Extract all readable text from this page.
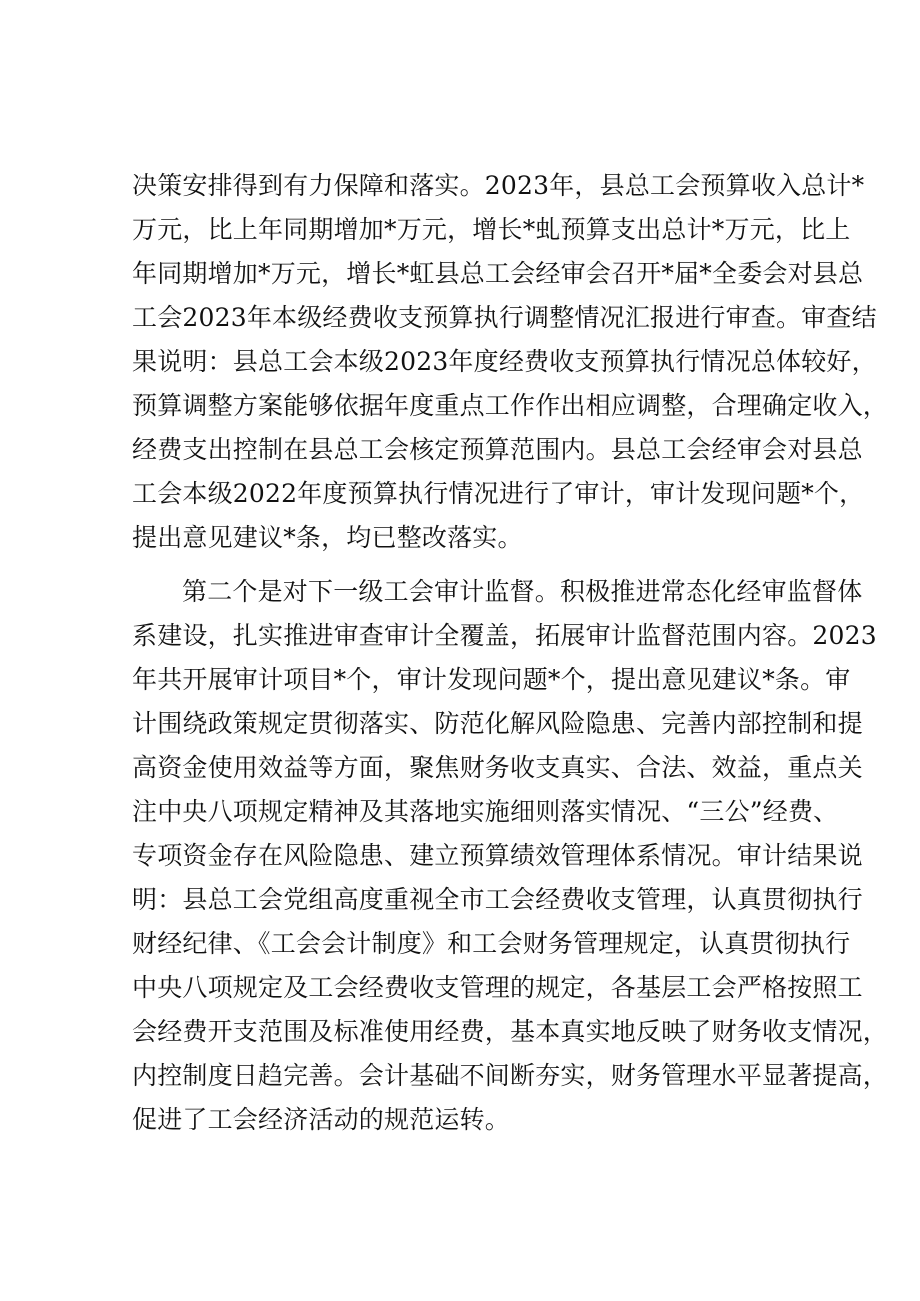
决策安排得到有力保障和落实。2023年，县总工会预算收入总计*
万元，比上年同期增加*万元，增长*虬预算支出总计*万元，比上
年同期增加*万元，增长*虹县总工会经审会召开*届*全委会对县总
工会2023年本级经费收支预算执行调整情况汇报进行审查。审查结
果说明：县总工会本级2023年度经费收支预算执行情况总体较好，
预算调整方案能够依据年度重点工作作出相应调整，合理确定收入，
经费支出控制在县总工会核定预算范围内。县总工会经审会对县总
工会本级2022年度预算执行情况进行了审计，审计发现问题*个，
提出意见建议*条，均已整改落实。
第二个是对下一级工会审计监督。积极推进常态化经审监督体
系建设，扎实推进审查审计全覆盖，拓展审计监督范围内容。2023
年共开展审计项目*个，审计发现问题*个，提出意见建议*条。审
计围绕政策规定贯彻落实、防范化解风险隐患、完善内部控制和提
高资金使用效益等方面，聚焦财务收支真实、合法、效益，重点关
注中央八项规定精神及其落地实施细则落实情况、“三公”经费、
专项资金存在风险隐患、建立预算绩效管理体系情况。审计结果说
明：县总工会党组高度重视全市工会经费收支管理，认真贯彻执行
财经纪律、《工会会计制度》和工会财务管理规定，认真贯彻执行
中央八项规定及工会经费收支管理的规定，各基层工会严格按照工
会经费开支范围及标准使用经费，基本真实地反映了财务收支情况，
内控制度日趋完善。会计基础不间断夯实，财务管理水平显著提高，
促进了工会经济活动的规范运转。
